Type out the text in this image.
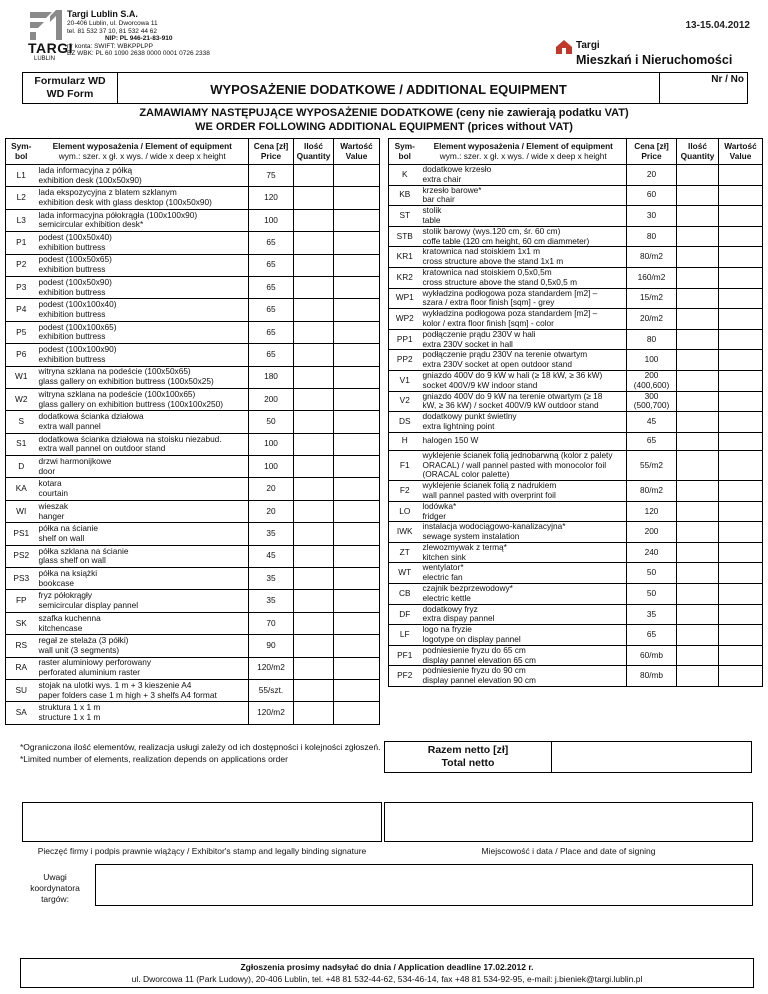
TARGI
LUBLIN
Targi Lublin S.A.
20-406 Lublin, ul. Dworcowa 11
tel. 81 532 37 10, 81 532 44 62
NIP: PL 946-21-83-910
nr konta: SWIFT: WBKPPLPP
BZ WBK: PL 60 1090 2638 0000 0001 0726 2338
13-15.04.2012
Targi
Mieszkań i Nieruchomości
Formularz WD
WD Form	WYPOSAŻENIE DODATKOWE / ADDITIONAL EQUIPMENT
Nr / No
ZAMAWIAMY NASTĘPUJĄCE WYPOSAŻENIE DODATKOWE (ceny nie zawierają podatku VAT)
WE ORDER FOLLOWING ADDITIONAL EQUIPMENT (prices without VAT)
Sym-bol	Element wyposażenia / Element of equipment
wym.: szer. x gł. x wys. / wide x deep x height	Cena [zł] Price	Ilość Quantity	Wartość Value
L1	lada informacyjna z półką
exhibition desk (100x50x90)	75		
L2	lada ekspozycyjna z blatem szklanym
exhibition desk with glass desktop (100x50x90)	120		
L3	lada informacyjna półokrągła (100x100x90)
semicircular exhibition desk*	100		
P1	podest (100x50x40)
exhibition buttress	65		
P2	podest (100x50x65)
exhibition buttress	65		
P3	podest (100x50x90)
exhibition buttress	65		
P4	podest (100x100x40)
exhibition buttress	65		
P5	podest (100x100x65)
exhibition buttress	65		
P6	podest (100x100x90)
exhibition buttress	65		
W1	witryna szklana na podeście (100x50x65)
glass gallery on exhibition buttress (100x50x25)	180		
W2	witryna szklana na podeście (100x100x65)
glass gallery on exhibition buttress (100x100x250)	200		
S	dodatkowa ścianka działowa
extra wall pannel	50		
S1	dodatkowa ścianka działowa na stoisku niezabud.
extra wall pannel on outdoor stand	100		
D	drzwi harmonijkowe
door	100		
KA	kotara
courtain	20		
WI	wieszak
hanger	20		
PS1	półka na ścianie
shelf on wall	35		
PS2	półka szklana na ścianie
glass shelf on wall	45		
PS3	półka na książki
bookcase	35		
FP	fryz półokrągły
semicircular display pannel	35		
SK	szafka kuchenna
kitchencase	70		
RS	regał ze stelaża (3 półki)
wall unit (3 segments)	90		
RA	raster aluminiowy perforowany
perforated aluminium raster	120/m2		
SU	stojak na ulotki wys. 1 m + 3 kieszenie A4
paper folders case 1 m high + 3 shelfs A4 format	55/szt.		
SA	struktura 1 x 1 m
structure 1 x 1 m	120/m2		
Sym-bol	Element wyposażenia / Element of equipment
wym.: szer. x gł. x wys. / wide x deep x height	Cena [zł] Price	Ilość Quantity	Wartość Value
K	dodatkowe krzesło
extra chair	20		
KB	krzesło barowe*
bar chair	60		
ST	stolik
table	30		
STB	stolik barowy (wys.120 cm, śr. 60 cm)
coffe table (120 cm height, 60 cm diammeter)	80		
KR1	kratownica nad stoiskiem 1x1 m
cross structure above the stand 1x1 m	80/m2		
KR2	kratownica nad stoiskiem 0,5x0,5m
cross structure above the stand 0,5x0,5 m	160/m2		
WP1	wykładzina podłogowa poza standardem [m2] –
szara / extra floor finish [sqm] - grey	15/m2		
WP2	wykładzina podłogowa poza standardem [m2] –
kolor / extra floor finish [sqm] - color	20/m2		
PP1	podłączenie prądu 230V w hali
extra 230V socket in hall	80		
PP2	podłączenie prądu 230V na terenie otwartym
extra 230V socket at open outdoor stand	100		
V1	gniazdo 400V do 9 kW w hali (≥ 18 kW, ≥ 36 kW)
socket 400V/9 kW indoor stand	200
(400,600)		
V2	gniazdo 400V do 9 kW na terenie otwartym (≥ 18
kW, ≥ 36 kW) / socket 400V/9 kW outdoor stand	300
(500,700)		
DS	dodatkowy punkt świetlny
extra lightning point	45		
H	halogen 150 W	65		
F1	wyklejenie ścianek folią jednobarwną (kolor z palety
ORACAL) / wall pannel pasted with monocolor foil
(ORACAL color palette)	55/m2		
F2	wyklejenie ścianek folią z nadrukiem
wall pannel pasted with overprint foil	80/m2		
LO	lodówka*
fridger	120		
IWK	instalacja wodociągowo-kanalizacyjna*
sewage system instalation	200		
ZT	zlewozmywak z termą*
kitchen sink	240		
WT	wentylator*
electric fan	50		
CB	czajnik bezprzewodowy*
electric kettle	50		
DF	dodatkowy fryz
extra dispay pannel	35		
LF	logo na fryzie
logotype on display pannel	65		
PF1	podniesienie fryzu do 65 cm
display pannel elevation 65 cm	60/mb		
PF2	podniesienie fryzu do 90 cm
display pannel elevation 90 cm	80/mb		
*Ograniczona ilość elementów, realizacja usługi zależy od ich dostępności i kolejności zgłoszeń.
*Limited number of elements, realization depends on applications order
Razem netto [zł]
Total netto
Pieczęć firmy i podpis prawnie wiążący / Exhibitor's stamp and legally binding signature	Miejscowość i data / Place and date of signing
Uwagi koordynatora targów:
Zgłoszenia prosimy nadsyłać do dnia / Application deadline 17.02.2012 r.
ul. Dworcowa 11 (Park Ludowy), 20-406 Lublin, tel. +48 81 532-44-62, 534-46-14, fax +48 81 534-92-95, e-mail: j.bieniek@targi.lublin.pl
